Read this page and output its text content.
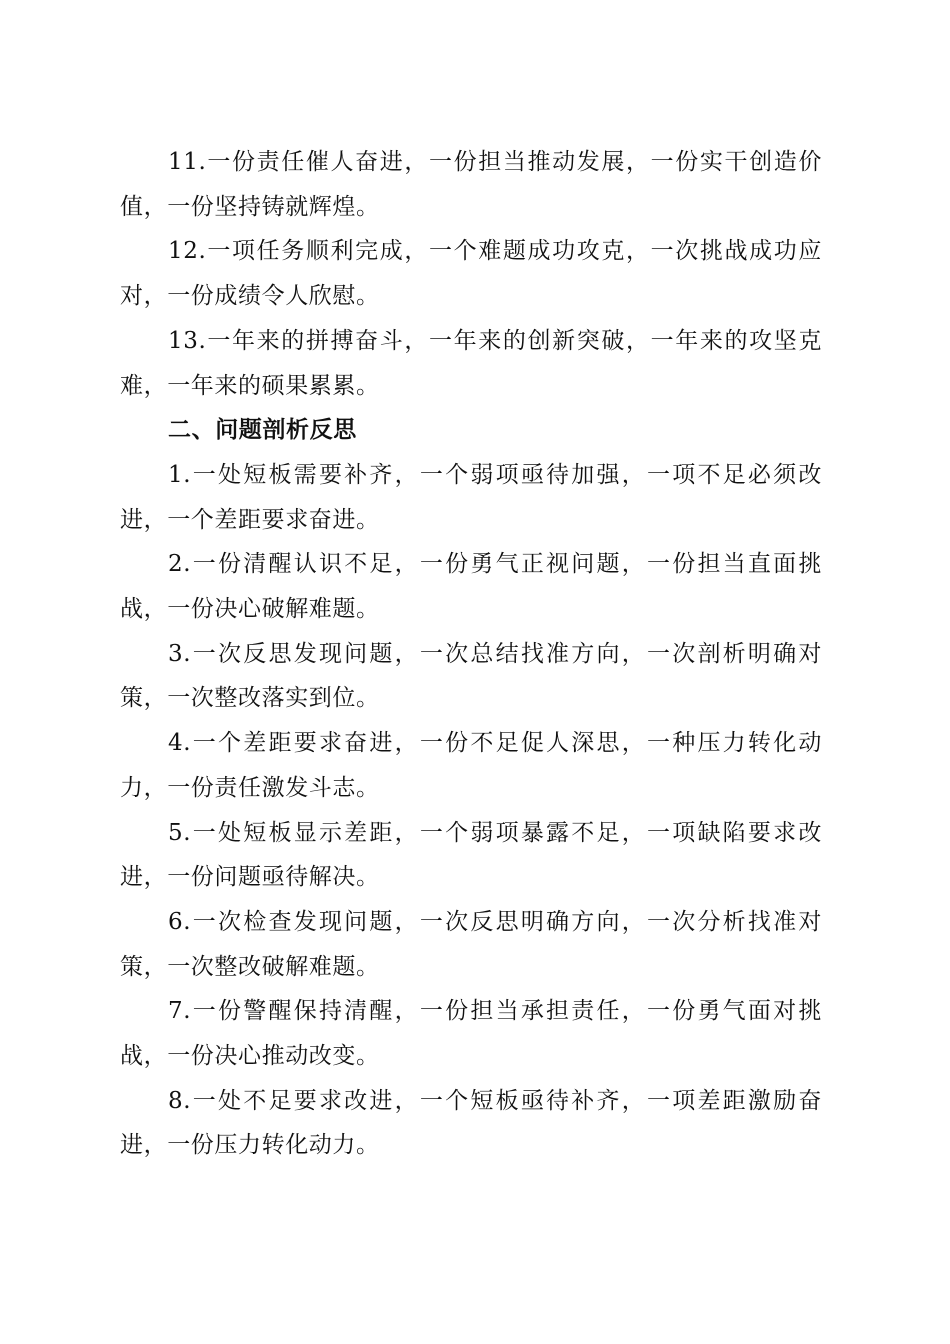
11.一份责任催人奋进，一份担当推动发展，一份实干创造价值，一份坚持铸就辉煌。

12.一项任务顺利完成，一个难题成功攻克，一次挑战成功应对，一份成绩令人欣慰。

13.一年来的拼搏奋斗，一年来的创新突破，一年来的攻坚克难，一年来的硕果累累。

二、问题剖析反思

1.一处短板需要补齐，一个弱项亟待加强，一项不足必须改进，一个差距要求奋进。

2.一份清醒认识不足，一份勇气正视问题，一份担当直面挑战，一份决心破解难题。

3.一次反思发现问题，一次总结找准方向，一次剖析明确对策，一次整改落实到位。

4.一个差距要求奋进，一份不足促人深思，一种压力转化动力，一份责任激发斗志。

5.一处短板显示差距，一个弱项暴露不足，一项缺陷要求改进，一份问题亟待解决。

6.一次检查发现问题，一次反思明确方向，一次分析找准对策，一次整改破解难题。

7.一份警醒保持清醒，一份担当承担责任，一份勇气面对挑战，一份决心推动改变。

8.一处不足要求改进，一个短板亟待补齐，一项差距激励奋进，一份压力转化动力。
